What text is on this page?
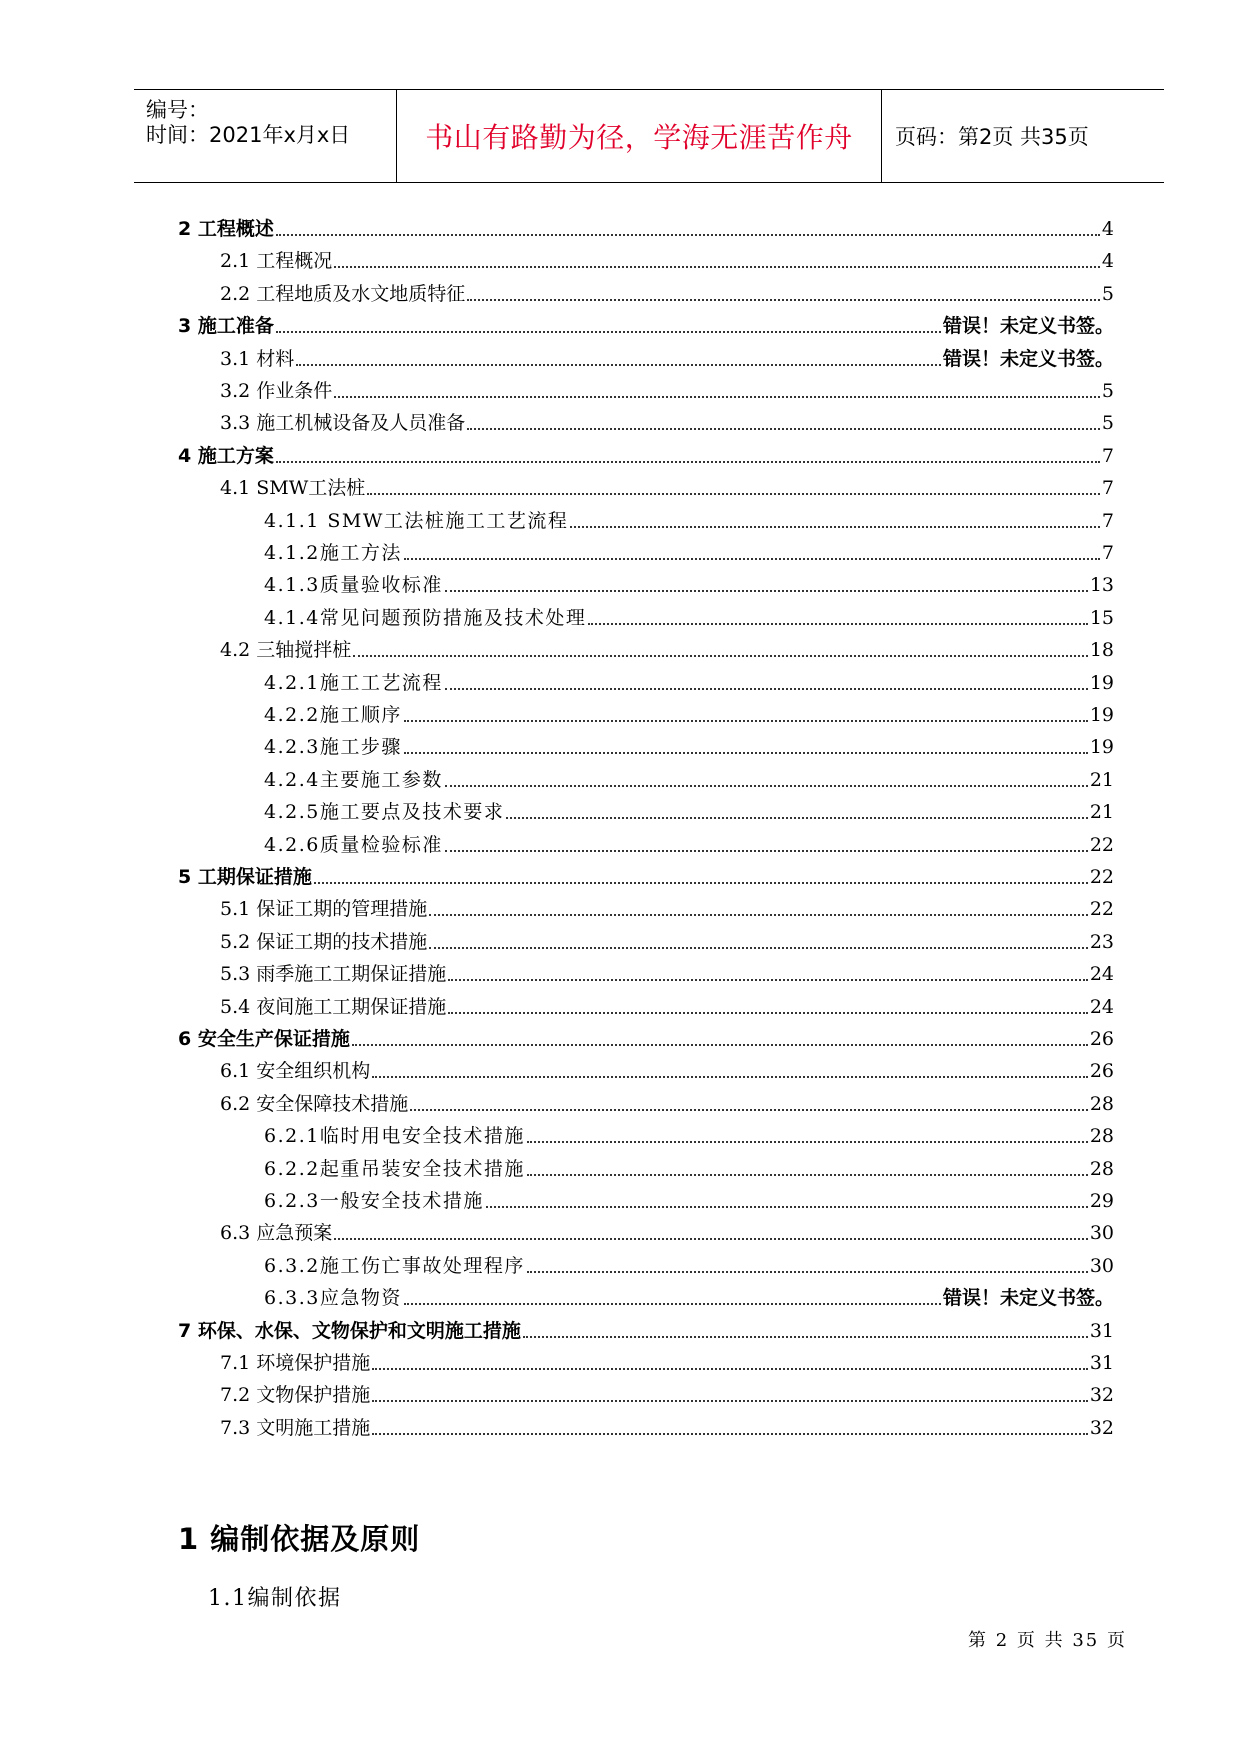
编号：
时间：2021年x月x日	书山有路勤为径，学海无涯苦作舟	页码：第2页 共35页
2 工程概述	4
2.1 工程概况	4
2.2 工程地质及水文地质特征	5
3 施工准备	错误！未定义书签。
3.1 材料	错误！未定义书签。
3.2 作业条件	5
3.3 施工机械设备及人员准备	5
4 施工方案	7
4.1 SMW工法桩	7
4.1.1 SMW工法桩施工工艺流程	7
4.1.2施工方法	7
4.1.3质量验收标准	13
4.1.4常见问题预防措施及技术处理	15
4.2 三轴搅拌桩	18
4.2.1施工工艺流程	19
4.2.2施工顺序	19
4.2.3施工步骤	19
4.2.4主要施工参数	21
4.2.5施工要点及技术要求	21
4.2.6质量检验标准	22
5 工期保证措施	22
5.1 保证工期的管理措施	22
5.2 保证工期的技术措施	23
5.3 雨季施工工期保证措施	24
5.4 夜间施工工期保证措施	24
6 安全生产保证措施	26
6.1 安全组织机构	26
6.2 安全保障技术措施	28
6.2.1临时用电安全技术措施	28
6.2.2起重吊装安全技术措施	28
6.2.3一般安全技术措施	29
6.3 应急预案	30
6.3.2施工伤亡事故处理程序	30
6.3.3应急物资	错误！未定义书签。
7 环保、水保、文物保护和文明施工措施	31
7.1 环境保护措施	31
7.2 文物保护措施	32
7.3 文明施工措施	32
1 编制依据及原则
1.1编制依据
第 2 页 共 35 页
